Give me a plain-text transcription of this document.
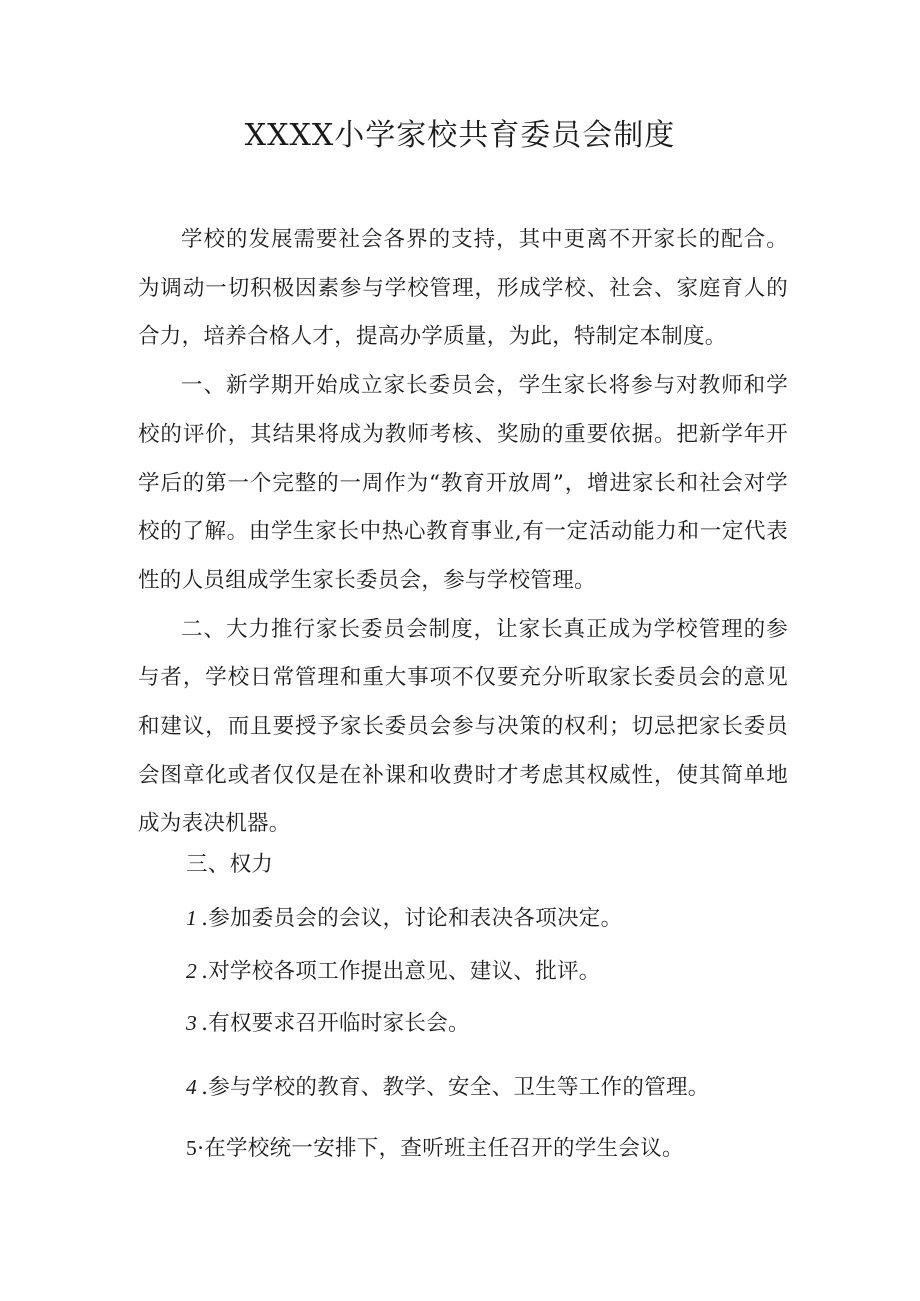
XXXX小学家校共育委员会制度

学校的发展需要社会各界的支持，其中更离不开家长的配合。为调动一切积极因素参与学校管理，形成学校、社会、家庭育人的合力，培养合格人才，提高办学质量，为此，特制定本制度。

一、新学期开始成立家长委员会，学生家长将参与对教师和学校的评价，其结果将成为教师考核、奖励的重要依据。把新学年开学后的第一个完整的一周作为“教育开放周”，增进家长和社会对学校的了解。由学生家长中热心教育事业,有一定活动能力和一定代表性的人员组成学生家长委员会，参与学校管理。

二、大力推行家长委员会制度，让家长真正成为学校管理的参与者，学校日常管理和重大事项不仅要充分听取家长委员会的意见和建议，而且要授予家长委员会参与决策的权利；切忌把家长委员会图章化或者仅仅是在补课和收费时才考虑其权威性，使其简单地成为表决机器。

三、权力

1 .参加委员会的会议，讨论和表决各项决定。

2 .对学校各项工作提出意见、建议、批评。

3 .有权要求召开临时家长会。

4 .参与学校的教育、教学、安全、卫生等工作的管理。

5·在学校统一安排下，查听班主任召开的学生会议。
